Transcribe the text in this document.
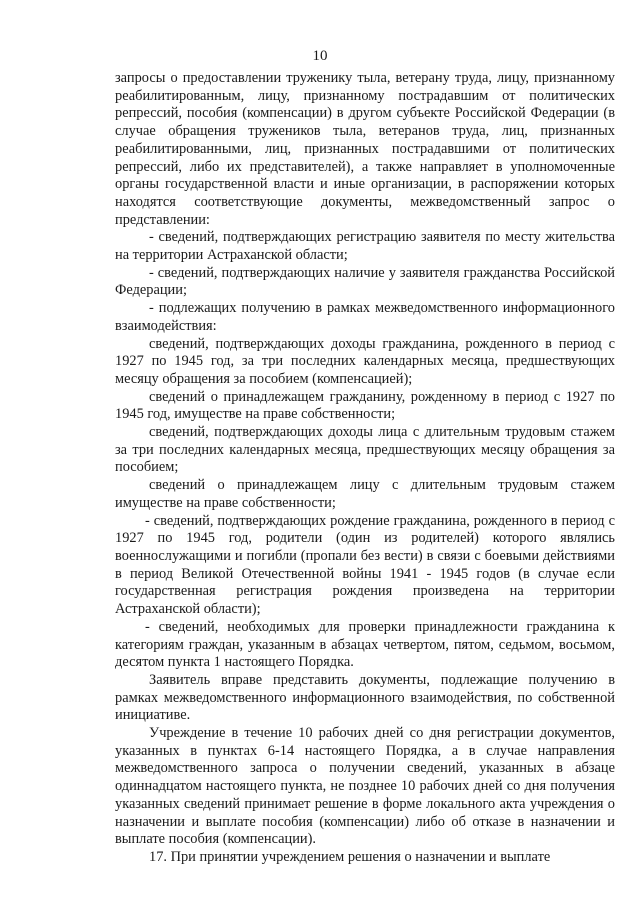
10

запросы о предоставлении труженику тыла, ветерану труда, лицу, признанному реабилитированным, лицу, признанному пострадавшим от политических репрессий, пособия (компенсации) в другом субъекте Российской Федерации (в случае обращения тружеников тыла, ветеранов труда, лиц, признанных реабилитированными, лиц, признанных пострадавшими от политических репрессий, либо их представителей), а также направляет в уполномоченные органы государственной власти и иные организации, в распоряжении которых находятся соответствующие документы, межведомственный запрос о представлении:

- сведений, подтверждающих регистрацию заявителя по месту жительства на территории Астраханской области;

- сведений, подтверждающих наличие у заявителя гражданства Российской Федерации;

- подлежащих получению в рамках межведомственного информационного взаимодействия:

сведений, подтверждающих доходы гражданина, рожденного в период с 1927 по 1945 год, за три последних календарных месяца, предшествующих месяцу обращения за пособием (компенсацией);

сведений о принадлежащем гражданину, рожденному в период с 1927 по 1945 год, имуществе на праве собственности;

сведений, подтверждающих доходы лица с длительным трудовым стажем за три последних календарных месяца, предшествующих месяцу обращения за пособием;

сведений о принадлежащем лицу с длительным трудовым стажем имуществе на праве собственности;

- сведений, подтверждающих рождение гражданина, рожденного в период с 1927 по 1945 год, родители (один из родителей) которого являлись военнослужащими и погибли (пропали без вести) в связи с боевыми действиями в период Великой Отечественной войны 1941 - 1945 годов (в случае если государственная регистрация рождения произведена на территории Астраханской области);

- сведений, необходимых для проверки принадлежности гражданина к категориям граждан, указанным в абзацах четвертом, пятом, седьмом, восьмом, десятом пункта 1 настоящего Порядка.

Заявитель вправе представить документы, подлежащие получению в рамках межведомственного информационного взаимодействия, по собственной инициативе.

Учреждение в течение 10 рабочих дней со дня регистрации документов, указанных в пунктах 6-14 настоящего Порядка, а в случае направления межведомственного запроса о получении сведений, указанных в абзаце одиннадцатом настоящего пункта, не позднее 10 рабочих дней со дня получения указанных сведений принимает решение в форме локального акта учреждения о назначении и выплате пособия (компенсации) либо об отказе в назначении и выплате пособия (компенсации).

17. При принятии учреждением решения о назначении и выплате
